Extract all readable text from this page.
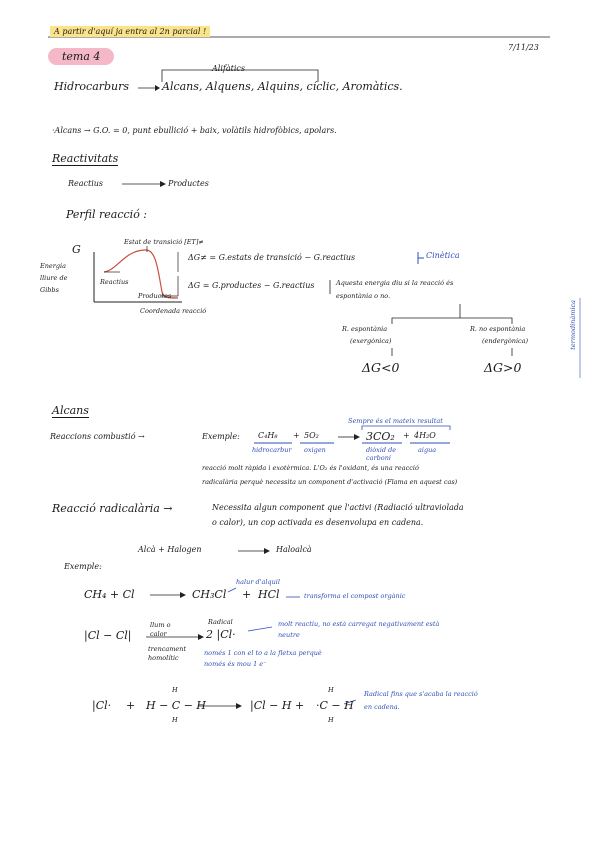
A partir d'aquí ja entra al 2n parcial !
tema 4
7/11/23
Alifàtics
Hidrocarburs	Alcans, Alquens, Alquins, cíclic, Aromàtics.
·Alcans → G.O. = 0, punt ebullició + baix, volàtils hidrofòbics, apolars.
Reactivitats
Reactius	Productes
Perfil reacció :
G
Energia
lliure de
Gibbs
Estat de transició [ET]≠
Reactius
Productes
Coordenada reacció
ΔG≠ = G.estats de transició − G.reactius	Cinètica
ΔG = G.productes − G.reactius	Aquesta energia diu si la reacció és
espontània o no.
termodinàmica
R. espontània
(exergònica)
R. no espontània
(endergònica)
ΔG<0	ΔG>0
Alcans
Reaccions combustió →	Exemple: C₄H₈ + 5O₂
hidrocarbur oxigen
Sempre és el mateix resultat
3CO₂ + 4H₂O
diòxid de
carboni
aigua
reacció molt ràpida i exotèrmica. L'O₂ és l'oxidant, és una reacció
radicalària perquè necessita un component d'activació (Flama en aquest cas)
Reacció radicalària →	Necessita algun component que l'activi (Radiació ultraviolada
o calor), un cop activada es desenvolupa en cadena.
Alcà + Halogen	Haloalcà
Exemple:
CH₄ + Cl	CH₃Cl + HCl
halur d'alquil
transforma el compost orgànic
|Cl − Cl|
llum o
calor
trencament
homolític
Radical
2 |Cl·
molt reactiu, no està carregat negativament està
neutre
només 1 con el to a la fletxa perquè
només és mou 1 e⁻
|Cl· +
H
H − C − H
H
|Cl − H +
H
·C − H
H
Radical fins que s'acaba la reacció
en cadena.
